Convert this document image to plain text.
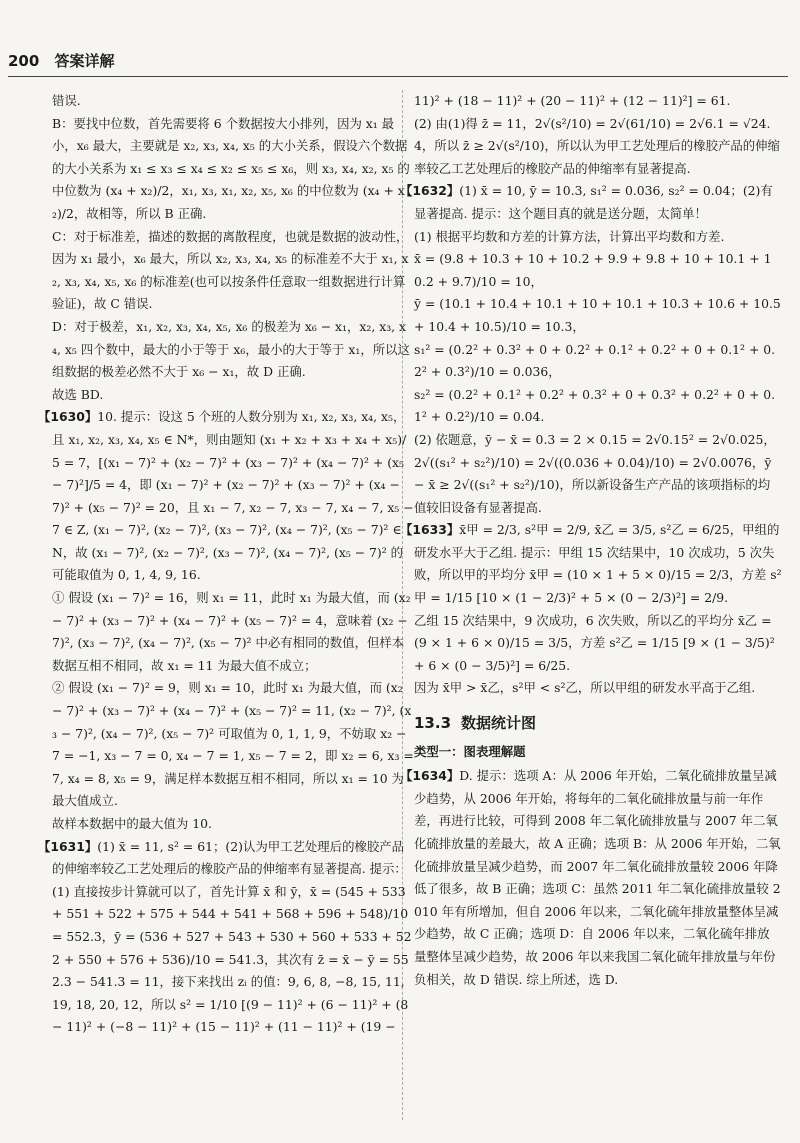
200 答案详解

错误.

B：要找中位数，首先需要将 6 个数据按大小排列，因为 x₁ 最小，x₆ 最大，主要就是 x₂, x₃, x₄, x₅ 的大小关系，假设六个数据的大小关系为 x₁ ≤ x₃ ≤ x₄ ≤ x₂ ≤ x₅ ≤ x₆，则 x₃, x₄, x₂, x₅ 的中位数为 (x₄ + x₂)/2，x₁, x₃, x₁, x₂, x₅, x₆ 的中位数为 (x₄ + x₂)/2，故相等，所以 B 正确.

C：对于标准差，描述的数据的离散程度，也就是数据的波动性，因为 x₁ 最小，x₆ 最大，所以 x₂, x₃, x₄, x₅ 的标准差不大于 x₁, x₂, x₃, x₄, x₅, x₆ 的标准差(也可以按条件任意取一组数据进行计算验证)，故 C 错误.

D：对于极差，x₁, x₂, x₃, x₄, x₅, x₆ 的极差为 x₆ − x₁，x₂, x₃, x₄, x₅ 四个数中，最大的小于等于 x₆，最小的大于等于 x₁，所以这组数据的极差必然不大于 x₆ − x₁，故 D 正确.

故选 BD.

【1630】10. 提示：设这 5 个班的人数分别为 x₁, x₂, x₃, x₄, x₅，且 x₁, x₂, x₃, x₄, x₅ ∈ N*，则由题知 (x₁ + x₂ + x₃ + x₄ + x₅)/5 = 7，[(x₁ − 7)² + (x₂ − 7)² + (x₃ − 7)² + (x₄ − 7)² + (x₅ − 7)²]/5 = 4，即 (x₁ − 7)² + (x₂ − 7)² + (x₃ − 7)² + (x₄ − 7)² + (x₅ − 7)² = 20，且 x₁ − 7, x₂ − 7, x₃ − 7, x₄ − 7, x₅ − 7 ∈ Z, (x₁ − 7)², (x₂ − 7)², (x₃ − 7)², (x₄ − 7)², (x₅ − 7)² ∈ N，故 (x₁ − 7)², (x₂ − 7)², (x₃ − 7)², (x₄ − 7)², (x₅ − 7)² 的可能取值为 0, 1, 4, 9, 16.

① 假设 (x₁ − 7)² = 16，则 x₁ = 11，此时 x₁ 为最大值，而 (x₂ − 7)² + (x₃ − 7)² + (x₄ − 7)² + (x₅ − 7)² = 4，意味着 (x₂ − 7)², (x₃ − 7)², (x₄ − 7)², (x₅ − 7)² 中必有相同的数值，但样本数据互相不相同，故 x₁ = 11 为最大值不成立；

② 假设 (x₁ − 7)² = 9，则 x₁ = 10，此时 x₁ 为最大值，而 (x₂ − 7)² + (x₃ − 7)² + (x₄ − 7)² + (x₅ − 7)² = 11, (x₂ − 7)², (x₃ − 7)², (x₄ − 7)², (x₅ − 7)² 可取值为 0, 1, 1, 9，不妨取 x₂ − 7 = −1, x₃ − 7 = 0, x₄ − 7 = 1, x₅ − 7 = 2，即 x₂ = 6, x₃ = 7, x₄ = 8, x₅ = 9，满足样本数据互相不相同，所以 x₁ = 10 为最大值成立.

故样本数据中的最大值为 10.

【1631】(1) x̄ = 11, s² = 61；(2)认为甲工艺处理后的橡胶产品的伸缩率较乙工艺处理后的橡胶产品的伸缩率有显著提高. 提示：(1) 直接按步计算就可以了，首先计算 x̄ 和 ȳ，x̄ = (545 + 533 + 551 + 522 + 575 + 544 + 541 + 568 + 596 + 548)/10 = 552.3，ȳ = (536 + 527 + 543 + 530 + 560 + 533 + 522 + 550 + 576 + 536)/10 = 541.3，其次有 z̄ = x̄ − ȳ = 552.3 − 541.3 = 11，接下来找出 zᵢ 的值：9, 6, 8, −8, 15, 11, 19, 18, 20, 12，所以 s² = 1/10 [(9 − 11)² + (6 − 11)² + (8 − 11)² + (−8 − 11)² + (15 − 11)² + (11 − 11)² + (19 −

11)² + (18 − 11)² + (20 − 11)² + (12 − 11)²] = 61.

(2) 由(1)得 z̄ = 11，2√(s²/10) = 2√(61/10) = 2√6.1 = √24.4，所以 z̄ ≥ 2√(s²/10)，所以认为甲工艺处理后的橡胶产品的伸缩率较乙工艺处理后的橡胶产品的伸缩率有显著提高.

【1632】(1) x̄ = 10, ȳ = 10.3, s₁² = 0.036, s₂² = 0.04；(2)有显著提高. 提示：这个题目真的就是送分题，太简单！

(1) 根据平均数和方差的计算方法，计算出平均数和方差.

x̄ = (9.8 + 10.3 + 10 + 10.2 + 9.9 + 9.8 + 10 + 10.1 + 10.2 + 9.7)/10 = 10，

ȳ = (10.1 + 10.4 + 10.1 + 10 + 10.1 + 10.3 + 10.6 + 10.5 + 10.4 + 10.5)/10 = 10.3，

s₁² = (0.2² + 0.3² + 0 + 0.2² + 0.1² + 0.2² + 0 + 0.1² + 0.2² + 0.3²)/10 = 0.036，

s₂² = (0.2² + 0.1² + 0.2² + 0.3² + 0 + 0.3² + 0.2² + 0 + 0.1² + 0.2²)/10 = 0.04.

(2) 依题意，ȳ − x̄ = 0.3 = 2 × 0.15 = 2√0.15² = 2√0.025，2√((s₁² + s₂²)/10) = 2√((0.036 + 0.04)/10) = 2√0.0076，ȳ − x̄ ≥ 2√((s₁² + s₂²)/10)，所以新设备生产产品的该项指标的均值较旧设备有显著提高.

【1633】x̄甲 = 2/3, s²甲 = 2/9, x̄乙 = 3/5, s²乙 = 6/25，甲组的研发水平大于乙组. 提示：甲组 15 次结果中，10 次成功，5 次失败，所以甲的平均分 x̄甲 = (10 × 1 + 5 × 0)/15 = 2/3，方差 s²甲 = 1/15 [10 × (1 − 2/3)² + 5 × (0 − 2/3)²] = 2/9.

乙组 15 次结果中，9 次成功，6 次失败，所以乙的平均分 x̄乙 = (9 × 1 + 6 × 0)/15 = 3/5，方差 s²乙 = 1/15 [9 × (1 − 3/5)² + 6 × (0 − 3/5)²] = 6/25.

因为 x̄甲 > x̄乙，s²甲 < s²乙，所以甲组的研发水平高于乙组.

13.3 数据统计图
类型一：图表理解题

【1634】D. 提示：选项 A：从 2006 年开始，二氧化硫排放量呈减少趋势，从 2006 年开始，将每年的二氧化硫排放量与前一年作差，再进行比较，可得到 2008 年二氧化硫排放量与 2007 年二氧化硫排放量的差最大，故 A 正确；选项 B：从 2006 年开始，二氧化硫排放量呈减少趋势，而 2007 年二氧化硫排放量较 2006 年降低了很多，故 B 正确；选项 C：虽然 2011 年二氧化硫排放量较 2010 年有所增加，但自 2006 年以来，二氧化硫年排放量整体呈减少趋势，故 C 正确；选项 D：自 2006 年以来，二氧化硫年排放量整体呈减少趋势，故 2006 年以来我国二氧化硫年排放量与年份负相关，故 D 错误. 综上所述，选 D.
